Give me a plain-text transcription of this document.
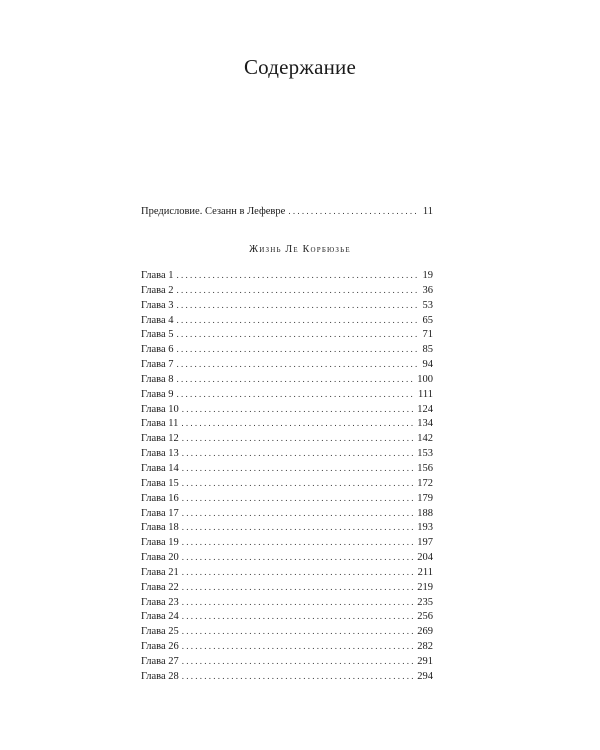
Содержание
Предисловие. Сезанн в Лефевре . . .	11
Жизнь Ле Корбюзье
Глава 1 . . .	19
Глава 2 . . .	36
Глава 3 . . .	53
Глава 4 . . .	65
Глава 5 . . .	71
Глава 6 . . .	85
Глава 7 . . .	94
Глава 8 . . .	100
Глава 9 . . .	111
Глава 10 . . .	124
Глава 11 . . .	134
Глава 12 . . .	142
Глава 13 . . .	153
Глава 14 . . .	156
Глава 15 . . .	172
Глава 16 . . .	179
Глава 17 . . .	188
Глава 18 . . .	193
Глава 19 . . .	197
Глава 20 . . .	204
Глава 21 . . .	211
Глава 22 . . .	219
Глава 23 . . .	235
Глава 24 . . .	256
Глава 25 . . .	269
Глава 26 . . .	282
Глава 27 . . .	291
Глава 28 . . .	294
